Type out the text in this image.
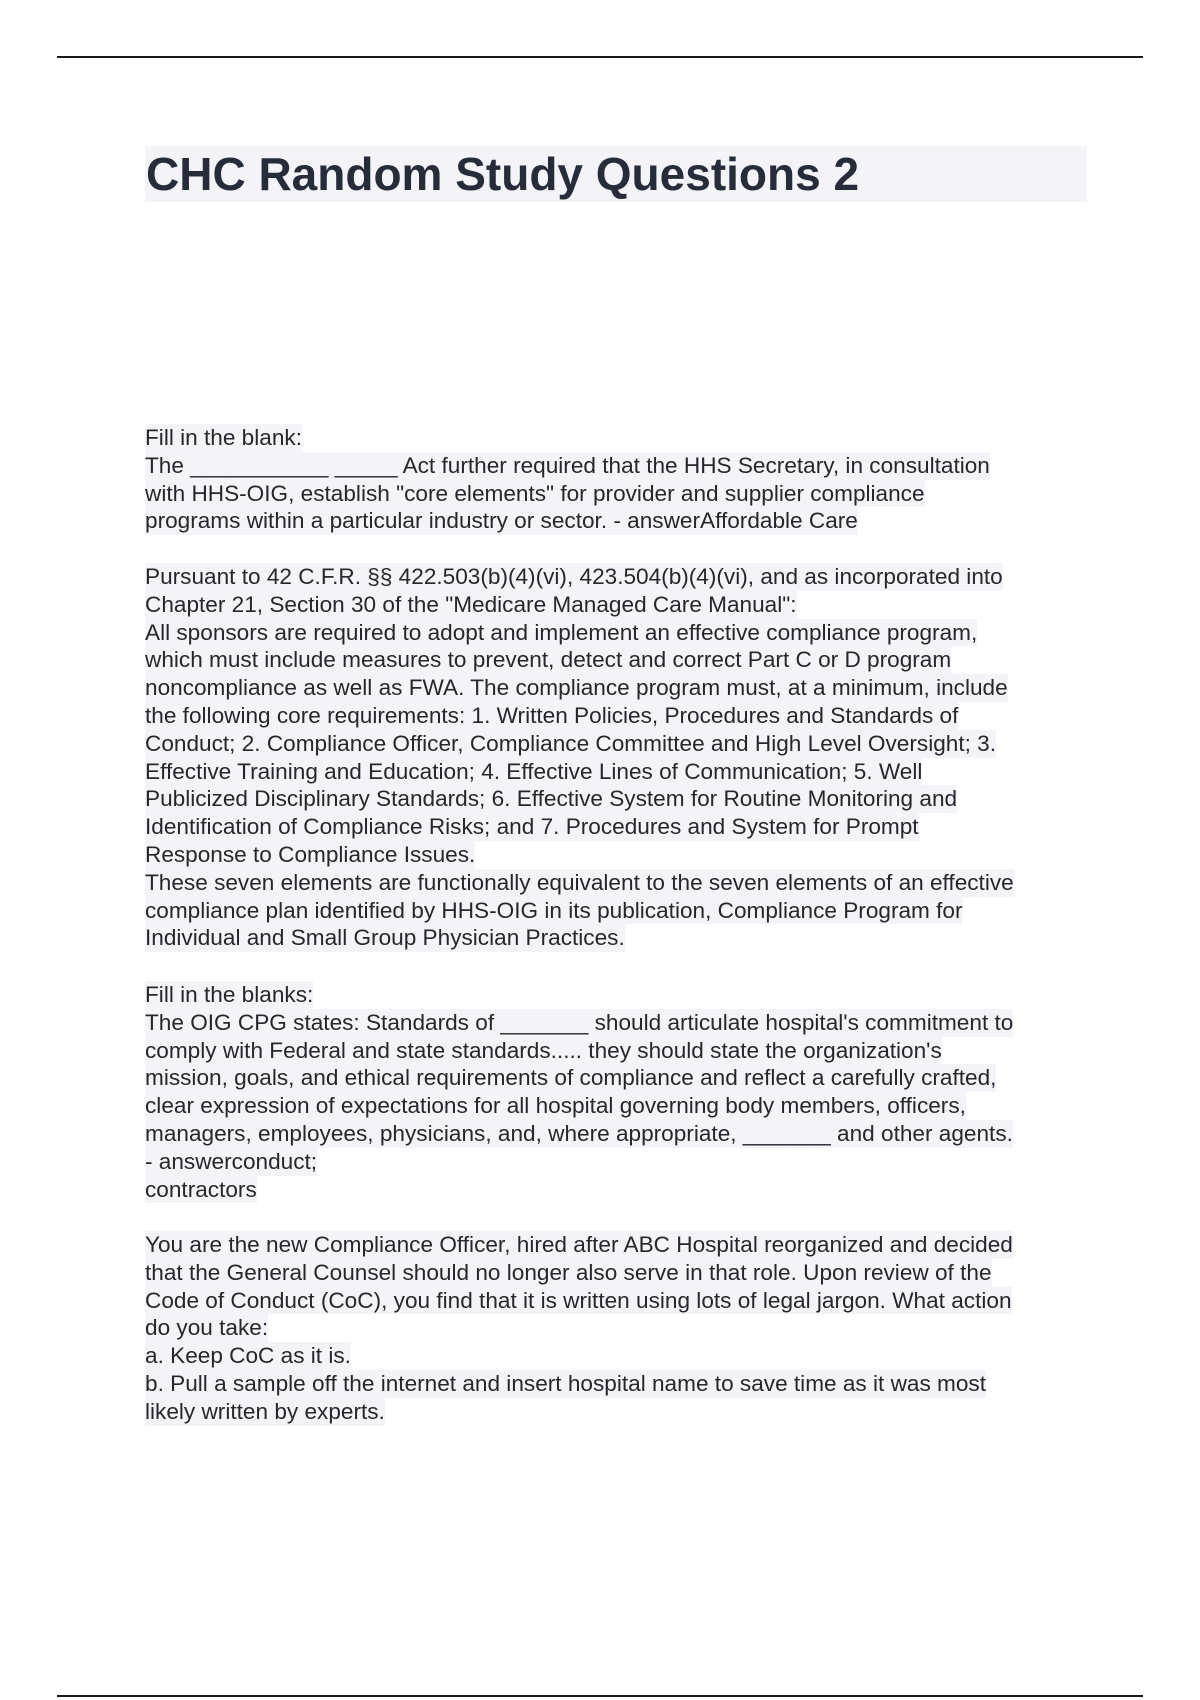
CHC Random Study Questions 2
Fill in the blank:
The ___________ _____ Act further required that the HHS Secretary, in consultation
with HHS-OIG, establish "core elements" for provider and supplier compliance
programs within a particular industry or sector. - answerAffordable Care
Pursuant to 42 C.F.R. §§ 422.503(b)(4)(vi), 423.504(b)(4)(vi), and as incorporated into
Chapter 21, Section 30 of the "Medicare Managed Care Manual":
All sponsors are required to adopt and implement an effective compliance program,
which must include measures to prevent, detect and correct Part C or D program
noncompliance as well as FWA. The compliance program must, at a minimum, include
the following core requirements: 1. Written Policies, Procedures and Standards of
Conduct; 2. Compliance Officer, Compliance Committee and High Level Oversight; 3.
Effective Training and Education; 4. Effective Lines of Communication; 5. Well
Publicized Disciplinary Standards; 6. Effective System for Routine Monitoring and
Identification of Compliance Risks; and 7. Procedures and System for Prompt
Response to Compliance Issues.
These seven elements are functionally equivalent to the seven elements of an effective
compliance plan identified by HHS-OIG in its publication, Compliance Program for
Individual and Small Group Physician Practices.
Fill in the blanks:
The OIG CPG states: Standards of _______ should articulate hospital's commitment to
comply with Federal and state standards..... they should state the organization's
mission, goals, and ethical requirements of compliance and reflect a carefully crafted,
clear expression of expectations for all hospital governing body members, officers,
managers, employees, physicians, and, where appropriate, _______ and other agents.
- answerconduct;
contractors
You are the new Compliance Officer, hired after ABC Hospital reorganized and decided
that the General Counsel should no longer also serve in that role. Upon review of the
Code of Conduct (CoC), you find that it is written using lots of legal jargon. What action
do you take:
a. Keep CoC as it is.
b. Pull a sample off the internet and insert hospital name to save time as it was most
likely written by experts.
